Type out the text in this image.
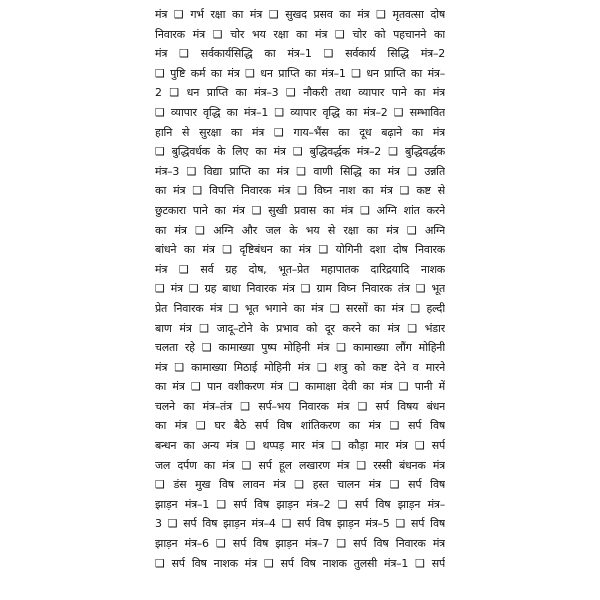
मंत्र ❑ गर्भ रक्षा का मंत्र ❑ सुखद प्रसव का मंत्र ❑ मृतवत्सा दोष
निवारक मंत्र ❑ चोर भय रक्षा का मंत्र ❑ चोर को पहचानने का
मंत्र ❑ सर्वकार्यसिद्धि का मंत्र–1 ❑ सर्वकार्य सिद्धि मंत्र–2
❑ पुष्टि कर्म का मंत्र ❑ धन प्राप्ति का मंत्र–1 ❑ धन प्राप्ति का मंत्र–
2 ❑ धन प्राप्ति का मंत्र–3 ❑ नौकरी तथा व्यापार पाने का मंत्र
❑ व्यापार वृद्धि का मंत्र–1 ❑ व्यापार वृद्धि का मंत्र–2 ❑ सम्भावित
हानि से सुरक्षा का मंत्र ❑ गाय–भैंस का दूध बढ़ाने का मंत्र
❑ बुद्धिवर्धक के लिए का मंत्र ❑ बुद्धिवर्द्धक मंत्र–2 ❑ बुद्धिवर्द्धक
मंत्र–3 ❑ विद्या प्राप्ति का मंत्र ❑ वाणी सिद्धि का मंत्र ❑ उन्नति
का मंत्र ❑ विपत्ति निवारक मंत्र ❑ विघ्न नाश का मंत्र ❑ कष्ट से
छुटकारा पाने का मंत्र ❑ सुखी प्रवास का मंत्र ❑ अग्नि शांत करने
का मंत्र ❑ अग्नि और जल के भय से रक्षा का मंत्र ❑ अग्नि
बांधने का मंत्र ❑ दृष्टिबंधन का मंत्र ❑ योगिनी दशा दोष निवारक
मंत्र ❑ सर्व ग्रह दोष, भूत–प्रेत महापातक दारिद्रयादि नाशक
❑ मंत्र ❑ ग्रह बाधा निवारक मंत्र ❑ ग्राम विघ्न निवारक तंत्र ❑ भूत
प्रेत निवारक मंत्र ❑ भूत भगाने का मंत्र ❑ सरसों का मंत्र ❑ हल्दी
बाण मंत्र ❑ जादू–टोने के प्रभाव को दूर करने का मंत्र ❑ भंडार
चलता रहे ❑ कामाख्या पुष्प मोहिनी मंत्र ❑ कामाख्या लौंग मोहिनी
मंत्र ❑ कामाख्या मिठाई मोहिनी मंत्र ❑ शत्रु को कष्ट देने व मारने
का मंत्र ❑ पान वशीकरण मंत्र ❑ कामाक्षा देवी का मंत्र ❑ पानी में
चलने का मंत्र–तंत्र ❑ सर्प–भय निवारक मंत्र ❑ सर्प विषय बंधन
का मंत्र ❑ घर बैठे सर्प विष शांतिकरण का मंत्र ❑ सर्प विष
बन्धन का अन्य मंत्र ❑ थप्पड़ मार मंत्र ❑ कौड़ा मार मंत्र ❑ सर्प
जल दर्पण का मंत्र ❑ सर्प हूल लखारण मंत्र ❑ रस्सी बंधनक मंत्र
❑ डंस मुख विष लावन मंत्र ❑ हस्त चालन मंत्र ❑ सर्प विष
झाड़न मंत्र–1 ❑ सर्प विष झाड़न मंत्र–2 ❑ सर्प विष झाड़न मंत्र–
3 ❑ सर्प विष झाड़न मंत्र–4 ❑ सर्प विष झाड़न मंत्र–5 ❑ सर्प विष
झाड़न मंत्र–6 ❑ सर्प विष झाड़न मंत्र–7 ❑ सर्प विष निवारक मंत्र
❑ सर्प विष नाशक मंत्र ❑ सर्प विष नाशक तुलसी मंत्र–1 ❑ सर्प
